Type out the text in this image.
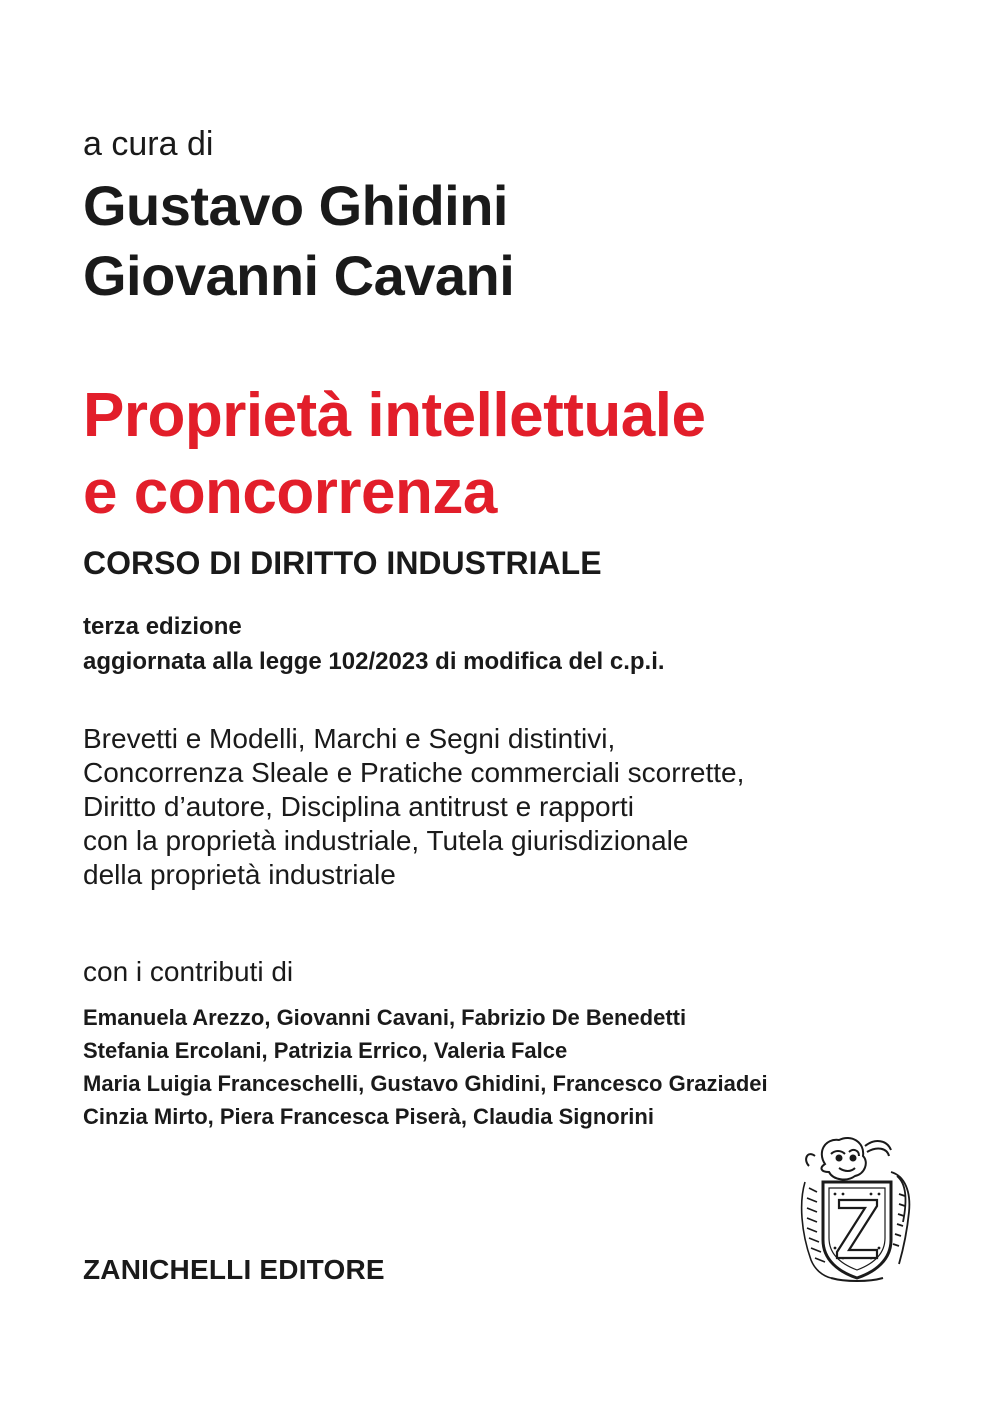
a cura di
Gustavo Ghidini
Giovanni Cavani
Proprietà intellettuale
e concorrenza
CORSO DI DIRITTO INDUSTRIALE
terza edizione
aggiornata alla legge 102/2023 di modifica del c.p.i.
Brevetti e Modelli, Marchi e Segni distintivi,
Concorrenza Sleale e Pratiche commerciali scorrette,
Diritto d’autore, Disciplina antitrust e rapporti
con la proprietà industriale, Tutela giurisdizionale
della proprietà industriale
con i contributi di
Emanuela Arezzo, Giovanni Cavani, Fabrizio De Benedetti
Stefania Ercolani, Patrizia Errico, Valeria Falce
Maria Luigia Franceschelli, Gustavo Ghidini, Francesco Graziadei
Cinzia Mirto, Piera Francesca Piserà, Claudia Signorini
ZANICHELLI EDITORE
